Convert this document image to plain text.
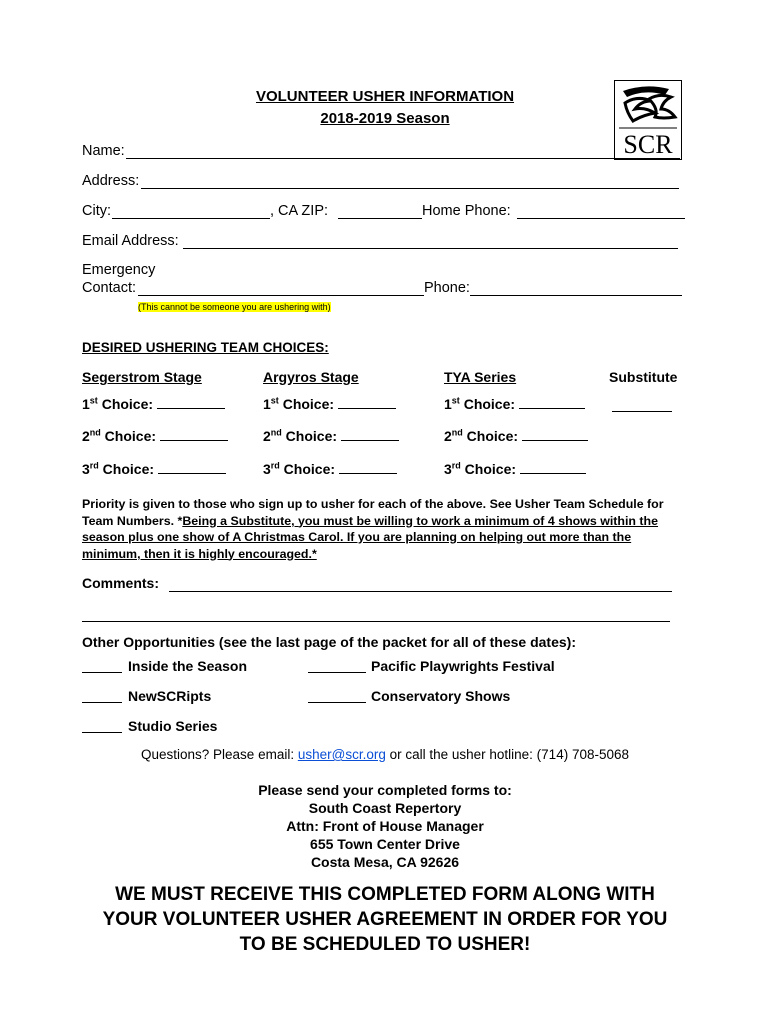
VOLUNTEER USHER INFORMATION
2018-2019 Season
SCR
Name:
Address:
City:	, CA ZIP:	Home Phone:
Email Address:
Emergency
Contact:	Phone:
(This cannot be someone you are ushering with)
DESIRED USHERING TEAM CHOICES:
Segerstrom Stage	Argyros Stage	TYA Series	Substitute
1st Choice:	1st Choice:	1st Choice:
2nd Choice:	2nd Choice:	2nd Choice:
3rd Choice:	3rd Choice:	3rd Choice:
Priority is given to those who sign up to usher for each of the above. See Usher Team Schedule for Team Numbers. *Being a Substitute, you must be willing to work a minimum of 4 shows within the season plus one show of A Christmas Carol. If you are planning on helping out more than the minimum, then it is highly encouraged.*
Comments:
Other Opportunities (see the last page of the packet for all of these dates):
Inside the Season	Pacific Playwrights Festival
NewSCRipts	Conservatory Shows
Studio Series
Questions? Please email: usher@scr.org or call the usher hotline: (714) 708-5068
Please send your completed forms to:
South Coast Repertory
Attn: Front of House Manager
655 Town Center Drive
Costa Mesa, CA 92626
WE MUST RECEIVE THIS COMPLETED FORM ALONG WITH
YOUR VOLUNTEER USHER AGREEMENT IN ORDER FOR YOU
TO BE SCHEDULED TO USHER!
